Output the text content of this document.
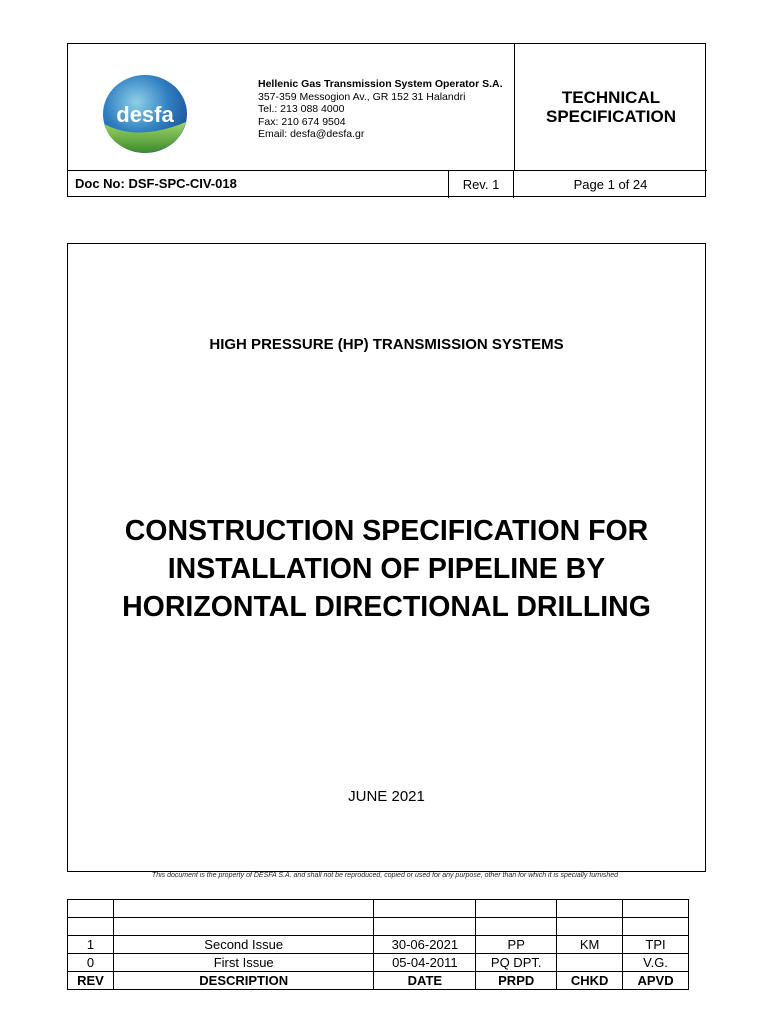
desfa
Hellenic Gas Transmission System Operator S.A.
357-359 Messogion Av., GR 152 31 Halandri
Tel.: 213 088 4000
Fax: 210 674 9504
Email: desfa@desfa.gr
TECHNICAL
SPECIFICATION
Doc No: DSF-SPC-CIV-018	Rev. 1	Page 1 of 24
HIGH PRESSURE (HP) TRANSMISSION SYSTEMS
CONSTRUCTION SPECIFICATION FOR
INSTALLATION OF PIPELINE BY
HORIZONTAL DIRECTIONAL DRILLING
JUNE 2021
This document is the property of DESFA S.A. and shall not be reproduced, copied or used for any purpose, other than for which it is specially furnished

1	Second Issue	30-06-2021	PP	KM	TPI
0	First Issue	05-04-2011	PQ DPT.		V.G.
REV	DESCRIPTION	DATE	PRPD	CHKD	APVD
